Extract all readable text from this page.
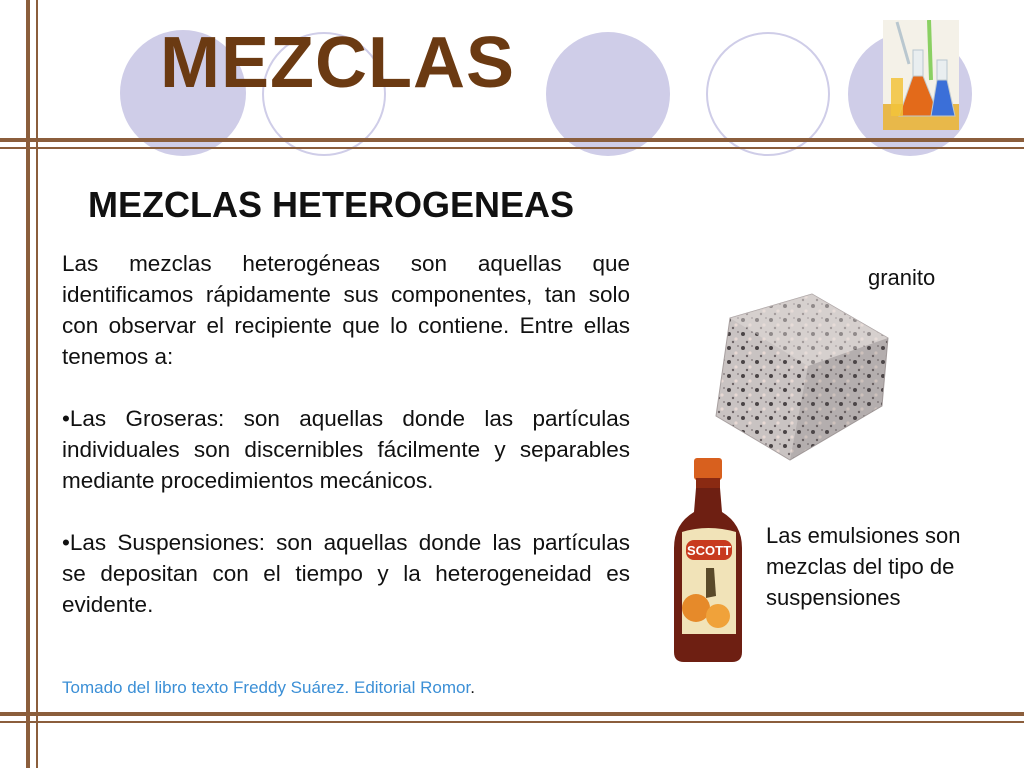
MEZCLAS
MEZCLAS HETEROGENEAS

Las mezclas heterogéneas son aquellas que identificamos rápidamente sus componentes, tan solo con observar el recipiente que lo contiene. Entre ellas tenemos a:

•Las Groseras: son aquellas donde las partículas individuales son discernibles fácilmente y separables mediante procedimientos mecánicos.

•Las Suspensiones: son aquellas donde las partículas se depositan con el tiempo y la heterogeneidad es evidente.

granito
SCOTT
Las emulsiones son mezclas del tipo de suspensiones
Tomado del libro texto Freddy Suárez. Editorial Romor.
